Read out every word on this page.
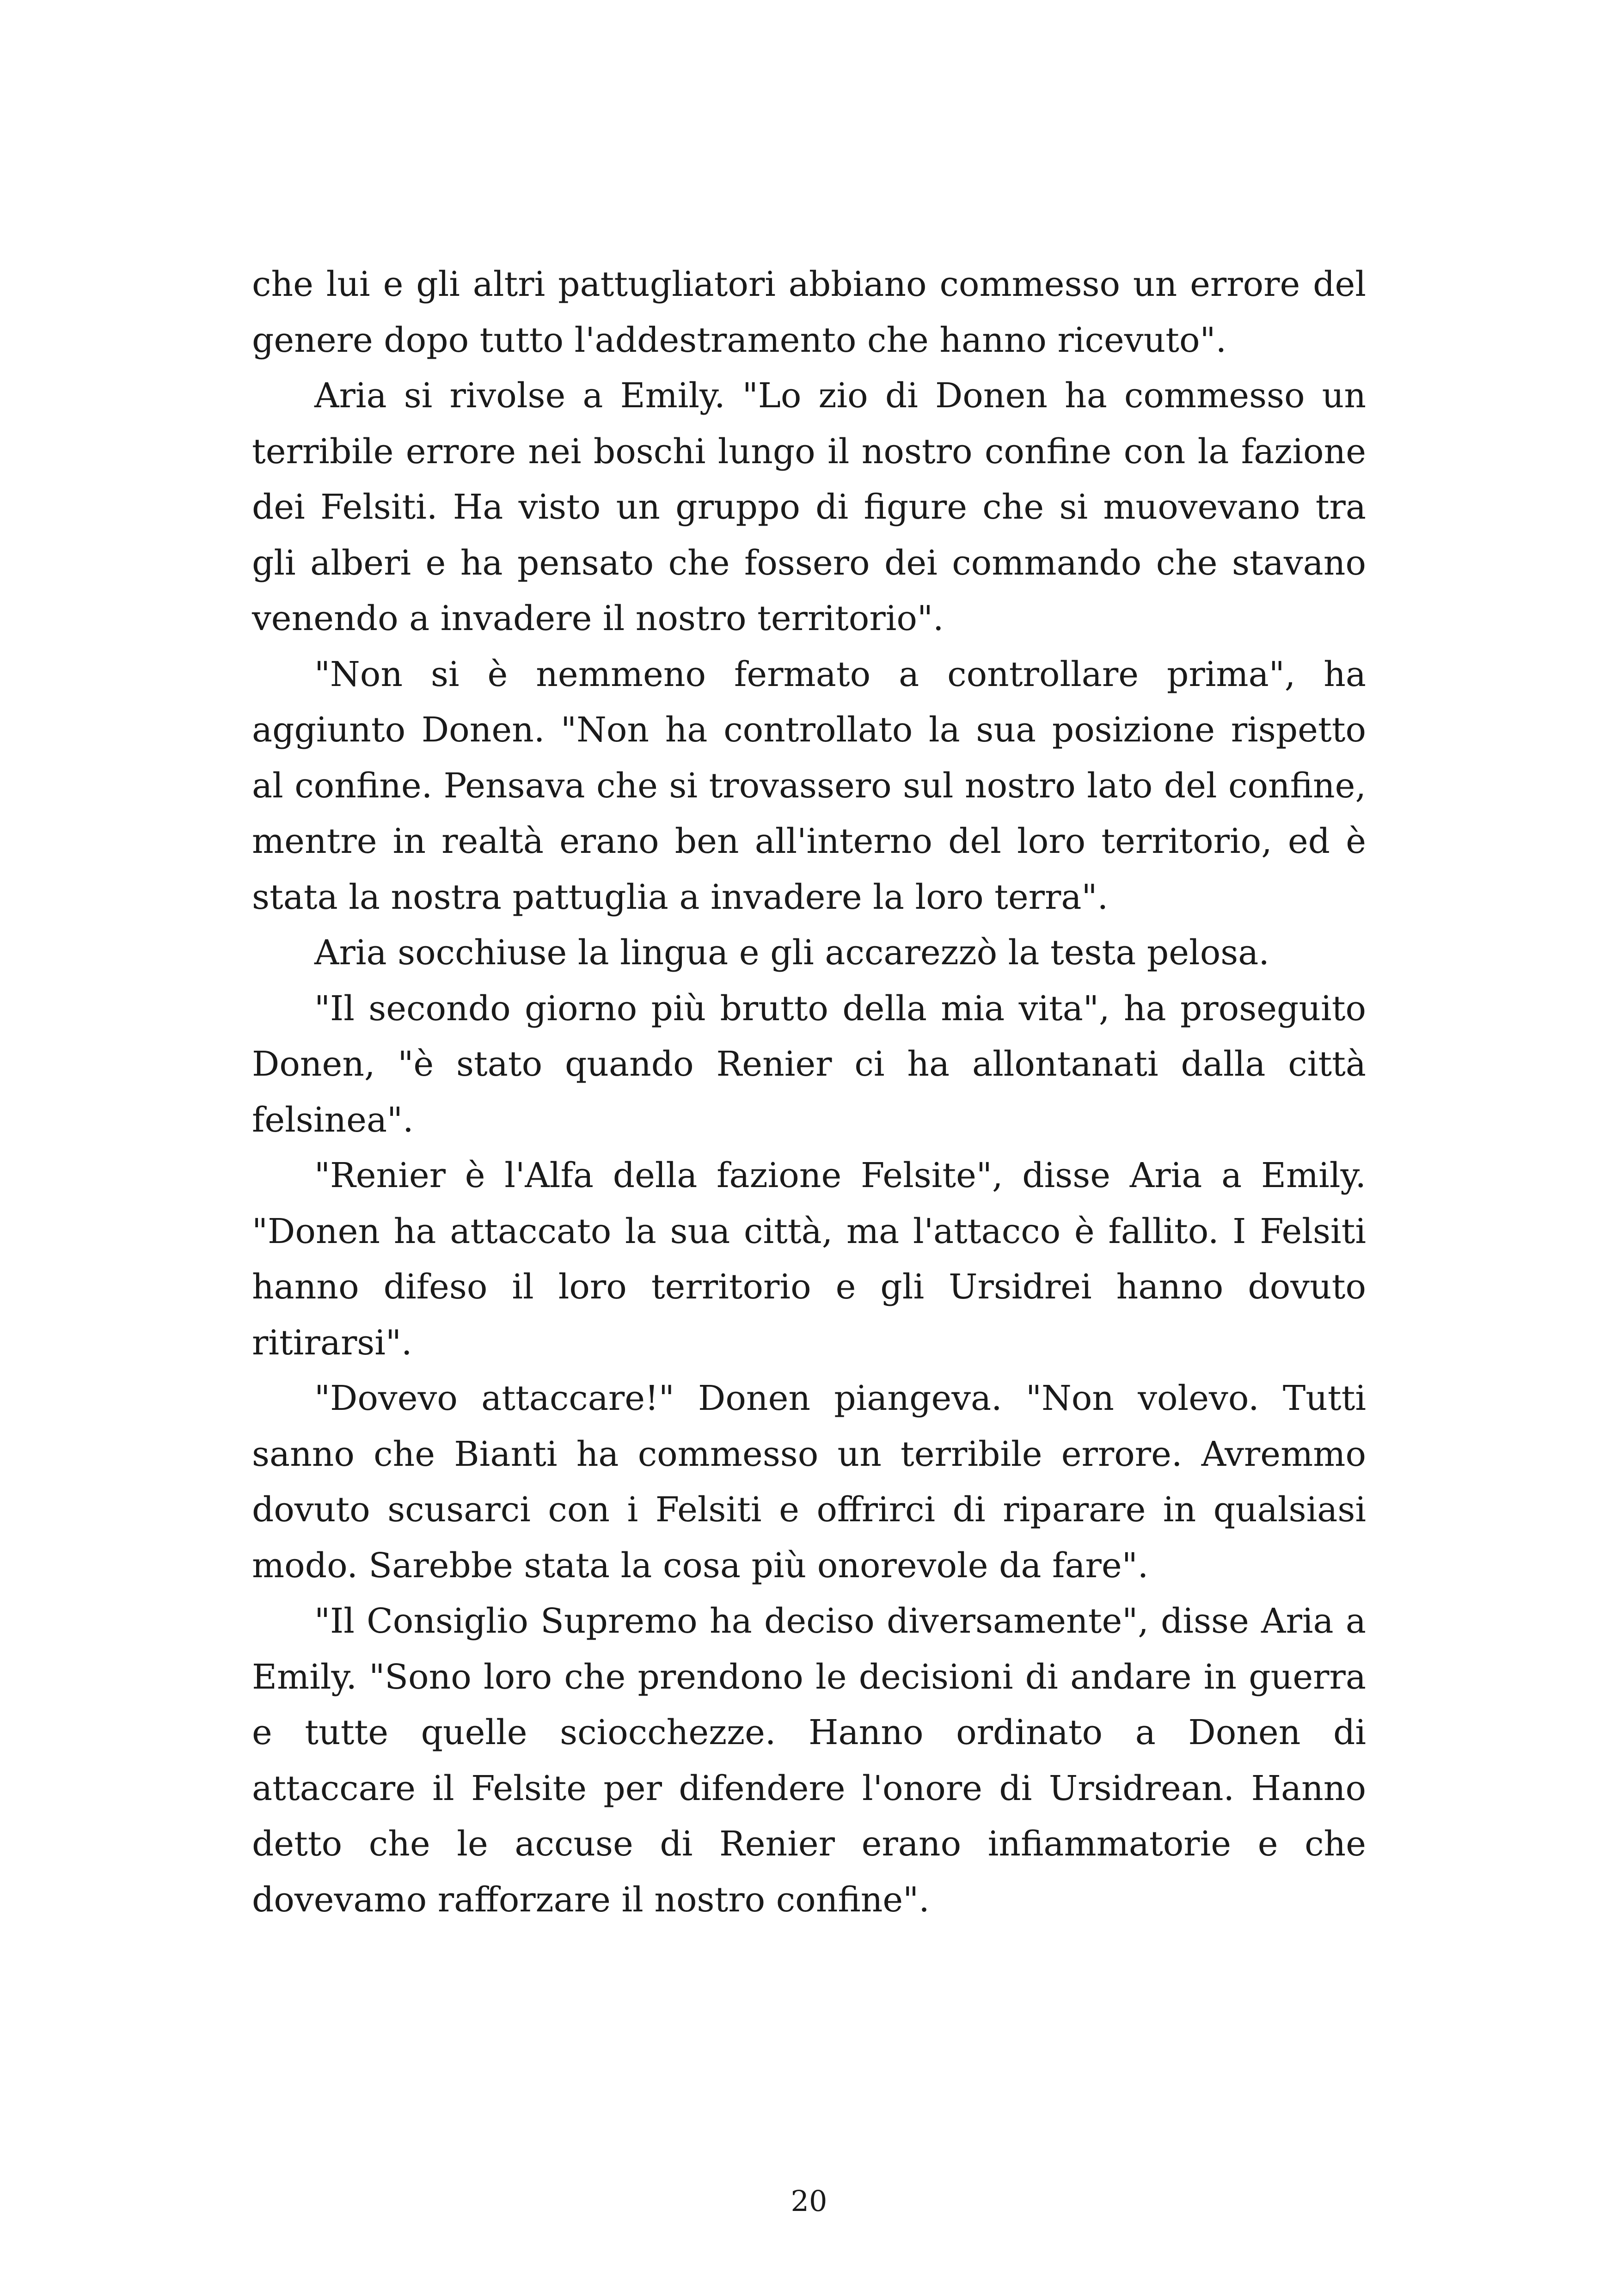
che lui e gli altri pattugliatori abbiano commesso un errore del genere dopo tutto l'addestramento che hanno ricevuto".

Aria si rivolse a Emily. "Lo zio di Donen ha commesso un terribile errore nei boschi lungo il nostro confine con la fazione dei Felsiti. Ha visto un gruppo di figure che si muovevano tra gli alberi e ha pensato che fossero dei commando che stavano venendo a invadere il nostro territorio".

"Non si è nemmeno fermato a controllare prima", ha aggiunto Donen. "Non ha controllato la sua posizione rispetto al confine. Pensava che si trovassero sul nostro lato del confine, mentre in realtà erano ben all'interno del loro territorio, ed è stata la nostra pattuglia a invadere la loro terra".

Aria socchiuse la lingua e gli accarezzò la testa pelosa.

"Il secondo giorno più brutto della mia vita", ha proseguito Donen, "è stato quando Renier ci ha allontanati dalla città felsinea".

"Renier è l'Alfa della fazione Felsite", disse Aria a Emily. "Donen ha attaccato la sua città, ma l'attacco è fallito. I Felsiti hanno difeso il loro territorio e gli Ursidrei hanno dovuto ritirarsi".

"Dovevo attaccare!" Donen piangeva. "Non volevo. Tutti sanno che Bianti ha commesso un terribile errore. Avremmo dovuto scusarci con i Felsiti e offrirci di riparare in qualsiasi modo. Sarebbe stata la cosa più onorevole da fare".

"Il Consiglio Supremo ha deciso diversamente", disse Aria a Emily. "Sono loro che prendono le decisioni di andare in guerra e tutte quelle sciocchezze. Hanno ordinato a Donen di attaccare il Felsite per difendere l'onore di Ursidrean. Hanno detto che le accuse di Renier erano infiammatorie e che dovevamo rafforzare il nostro confine".

20
